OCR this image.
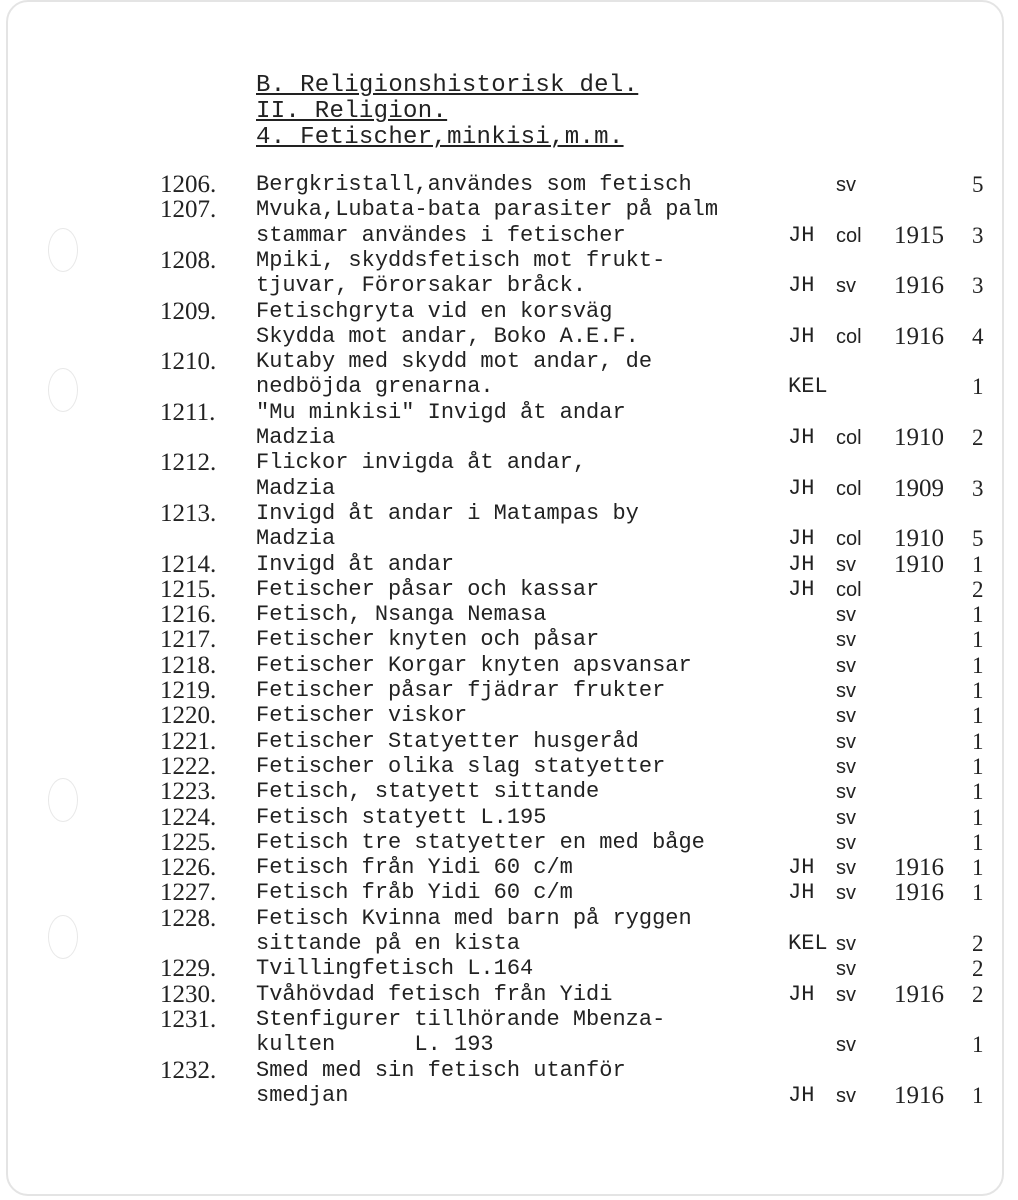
B. Religionshistorisk del.
II. Religion.
4. Fetischer,minkisi,m.m.
1206. Bergkristall,användes som fetisch	sv	5
1207. Mvuka,Lubata-bata parasiter på palm
stammar användes i fetischer	JH col 1915 3
1208. Mpiki, skyddsfetisch mot frukt-
tjuvar, Förorsakar bråck.	JH sv 1916 3
1209. Fetischgryta vid en korsväg
Skydda mot andar, Boko A.E.F.	JH col 1916 4
1210. Kutaby med skydd mot andar, de
nedböjda grenarna.	KEL	1
1211. "Mu minkisi" Invigd åt andar
Madzia	JH col 1910 2
1212. Flickor invigda åt andar,
Madzia	JH col 1909 3
1213. Invigd åt andar i Matampas by
Madzia	JH col 1910 5
1214. Invigd åt andar	JH sv 1910 1
1215. Fetischer påsar och kassar	JH col	2
1216. Fetisch, Nsanga Nemasa	sv	1
1217. Fetischer knyten och påsar	sv	1
1218. Fetischer Korgar knyten apsvansar	sv	1
1219. Fetischer påsar fjädrar frukter	sv	1
1220. Fetischer viskor	sv	1
1221. Fetischer Statyetter husgeråd	sv	1
1222. Fetischer olika slag statyetter	sv	1
1223. Fetisch, statyett sittande	sv	1
1224. Fetisch statyett L.195	sv	1
1225. Fetisch tre statyetter en med båge	sv	1
1226. Fetisch från Yidi 60 c/m	JH sv 1916 1
1227. Fetisch fråb Yidi 60 c/m	JH sv 1916 1
1228. Fetisch Kvinna med barn på ryggen
sittande på en kista	KEL sv	2
1229. Tvillingfetisch L.164	sv	2
1230. Tvåhövdad fetisch från Yidi	JH sv 1916 2
1231. Stenfigurer tillhörande Mbenza-
kulten      L. 193	sv	1
1232. Smed med sin fetisch utanför
smedjan	JH sv 1916 1
